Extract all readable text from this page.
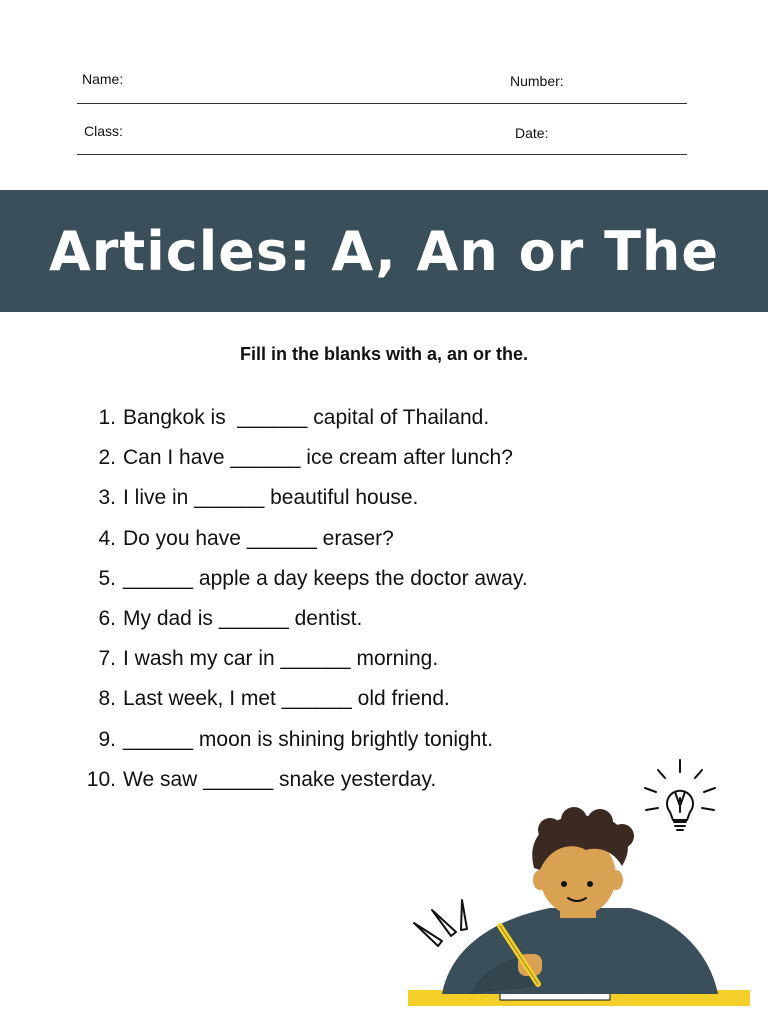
Name:	Number:
Class:	Date:
Articles: A, An or The
Fill in the blanks with a, an or the.
1. Bangkok is  ______ capital of Thailand.
2. Can I have ______ ice cream after lunch?
3. I live in ______ beautiful house.
4. Do you have ______ eraser?
5. ______ apple a day keeps the doctor away.
6. My dad is ______ dentist.
7. I wash my car in ______ morning.
8. Last week, I met ______ old friend.
9. ______ moon is shining brightly tonight.
10. We saw ______ snake yesterday.
